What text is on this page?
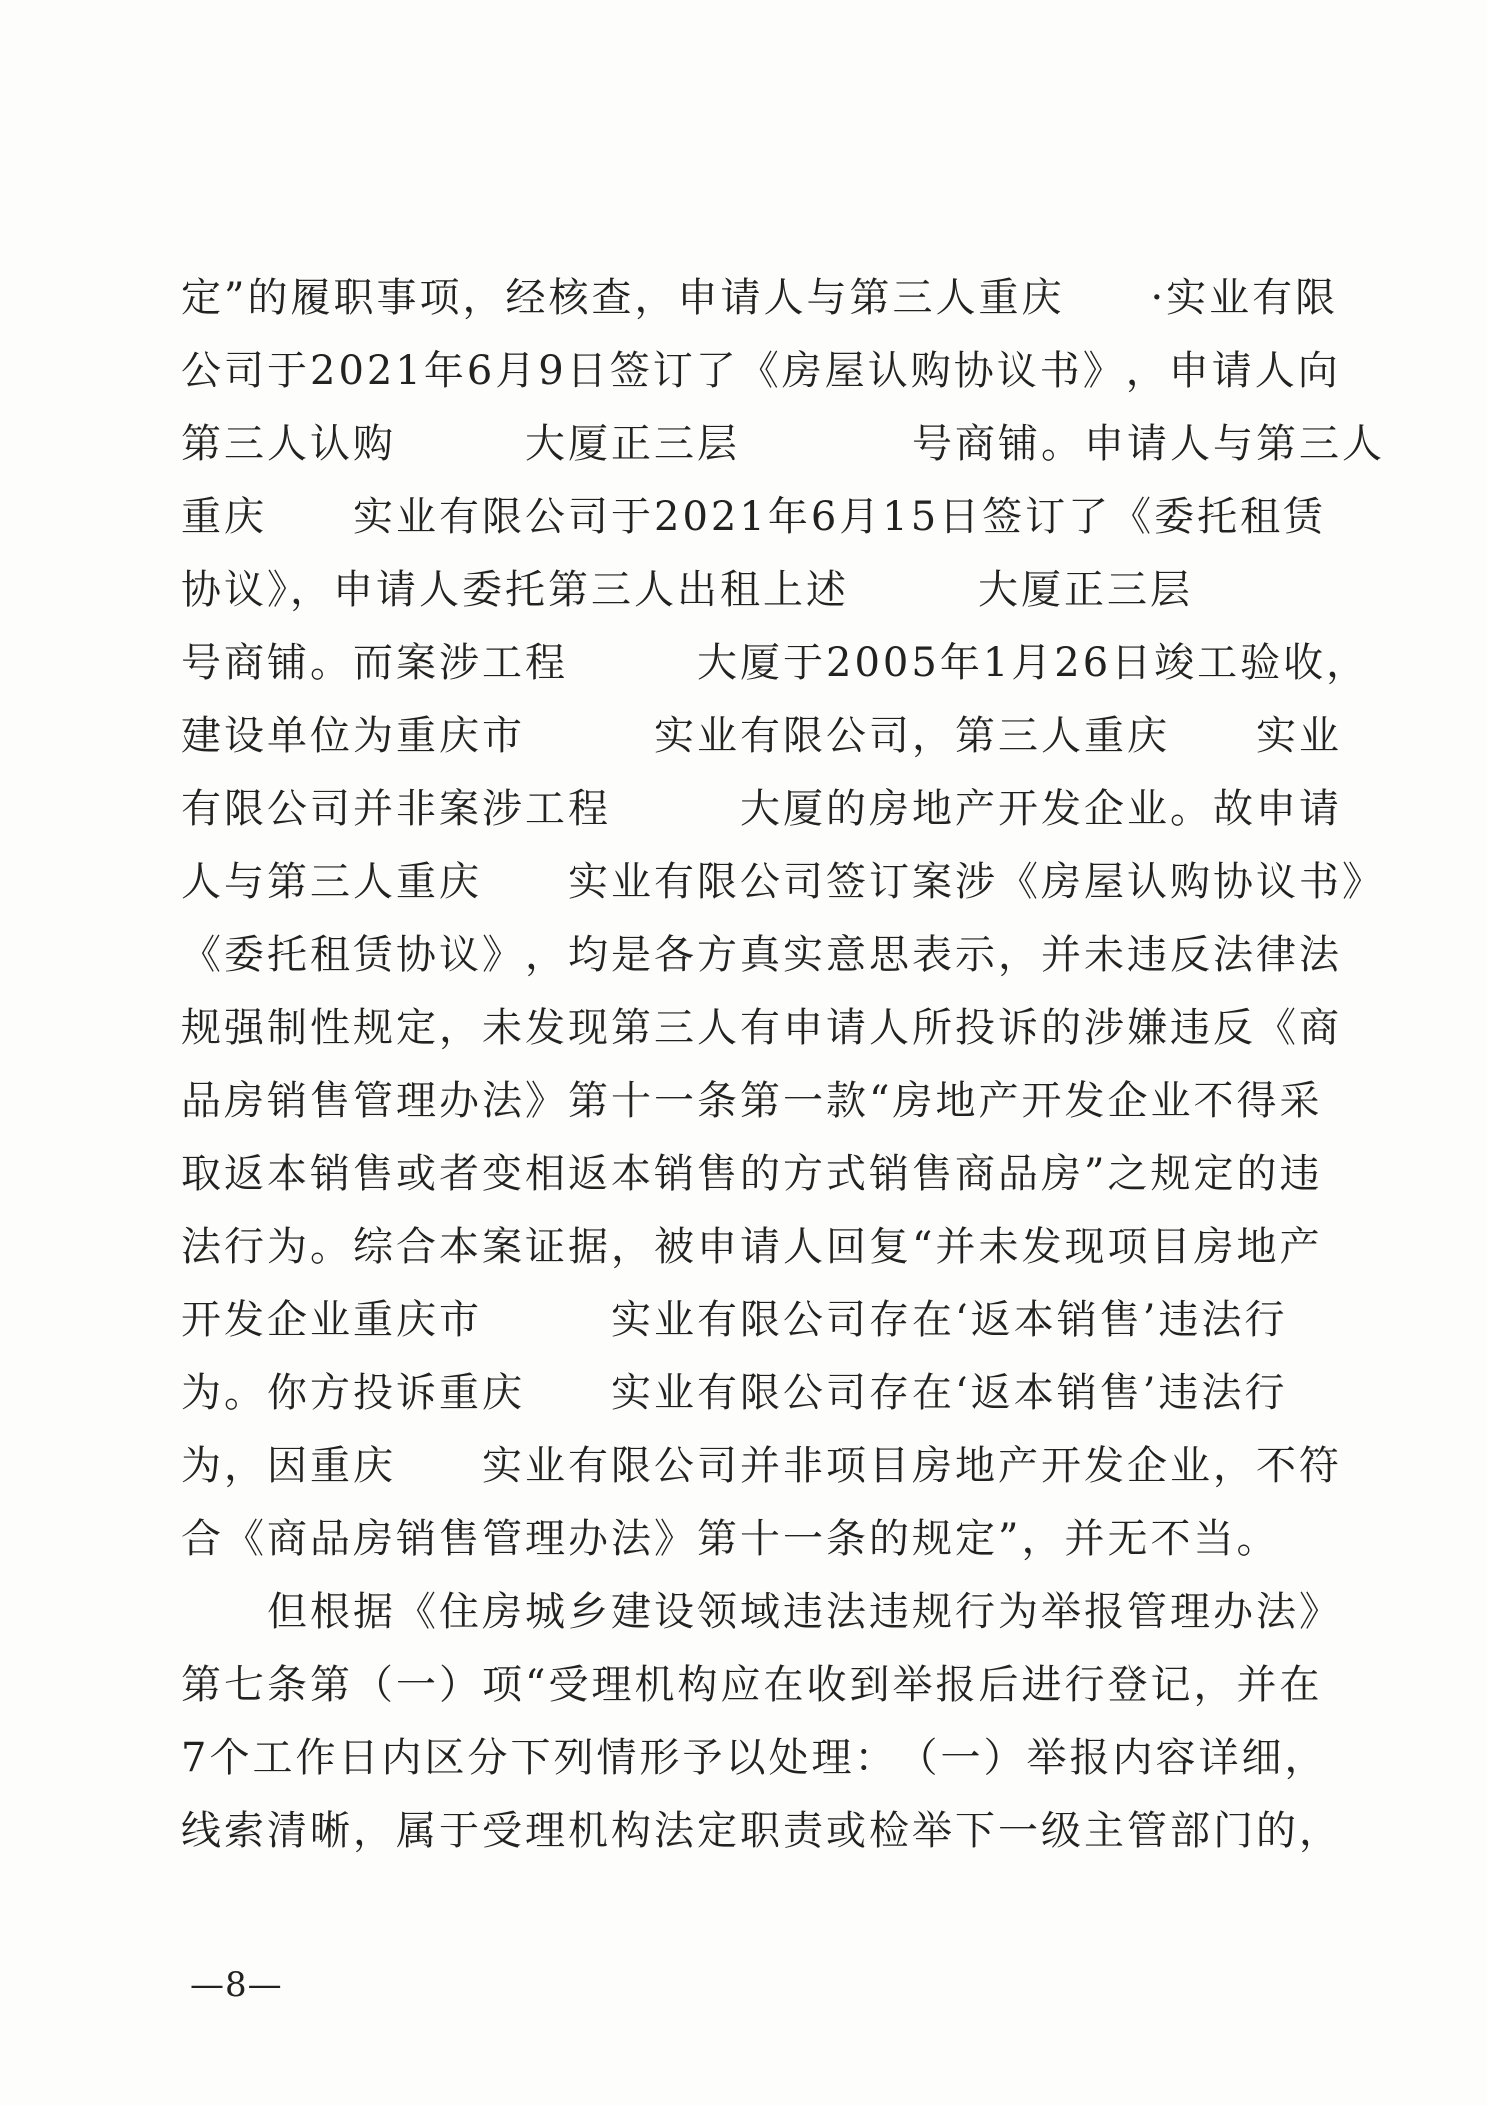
定 ” 的 履 职 事 项 ， 经 核 查 ， 申 请 人 与 第 三 人 重 庆

　 · 实 业 有 限
公 司 于 2 0 2 1 年 6 月 9 日 签 订 了 《 房 屋 认 购 协 议 书 》 ， 申 请 人 向
第 三 人 认 购

　	大 厦 正 三 层

　	号 商 铺 。 申 请 人 与 第 三 人
重 庆

　 实 业 有 限 公 司 于 2 0 2 1 年 6 月 1 5 日 签 订 了 《 委 托 租 赁
协议》，申请人委托第三人出租上述　　　大厦正三层
号 商 铺 。 而 案 涉 工 程

　	大 厦 于 2 0 0 5 年 1 月 2 6 日 竣 工 验 收 ，
建 设 单 位 为 重 庆 市

　	实 业 有 限 公 司 ， 第 三 人 重 庆

　 实 业
有 限 公 司 并 非 案 涉 工 程

　	大 厦 的 房 地 产 开 发 企 业 。 故 申 请
人 与 第 三 人 重 庆

　 实 业 有 限 公 司 签 订 案 涉 《 房 屋 认 购 协 议 书 》
《 委 托 租 赁 协 议 》 ， 均 是 各 方 真 实 意 思 表 示 ， 并 未 违 反 法 律 法
规 强 制 性 规 定 ， 未 发 现 第 三 人 有 申 请 人 所 投 诉 的 涉 嫌 违 反 《 商
品 房 销 售 管 理 办 法 》 第 十 一 条 第 一 款 “ 房 地 产 开 发 企 业 不 得 采
取 返 本 销 售 或 者 变 相 返 本 销 售 的 方 式 销 售 商 品 房 ” 之 规 定 的 违
法 行 为 。 综 合 本 案 证 据 ， 被 申 请 人 回 复 “ 并 未 发 现 项 目 房 地 产
开 发 企 业 重 庆 市

　	实 业 有 限 公 司 存 在 ‘ 返 本 销 售 ’ 违 法 行
为 。 你 方 投 诉 重 庆

　 实 业 有 限 公 司 存 在 ‘ 返 本 销 售 ’ 违 法 行
为 ， 因 重 庆

　 实 业 有 限 公 司 并 非 项 目 房 地 产 开 发 企 业 ， 不 符
合《商品房销售管理办法》第十一条的规定”，并无不当。
但 根 据 《 住 房 城 乡 建 设 领 域 违 法 违 规 行 为 举 报 管 理 办 法 》
第 七 条 第 （ 一 ） 项 “ 受 理 机 构 应 在 收 到 举 报 后 进 行 登 记 ， 并 在
7 个 工 作 日 内 区 分 下 列 情 形 予 以 处 理 ： （ 一 ） 举 报 内 容 详 细 ，
线 索 清 晰 ， 属 于 受 理 机 构 法 定 职 责 或 检 举 下 一 级 主 管 部 门 的 ，
—8—
